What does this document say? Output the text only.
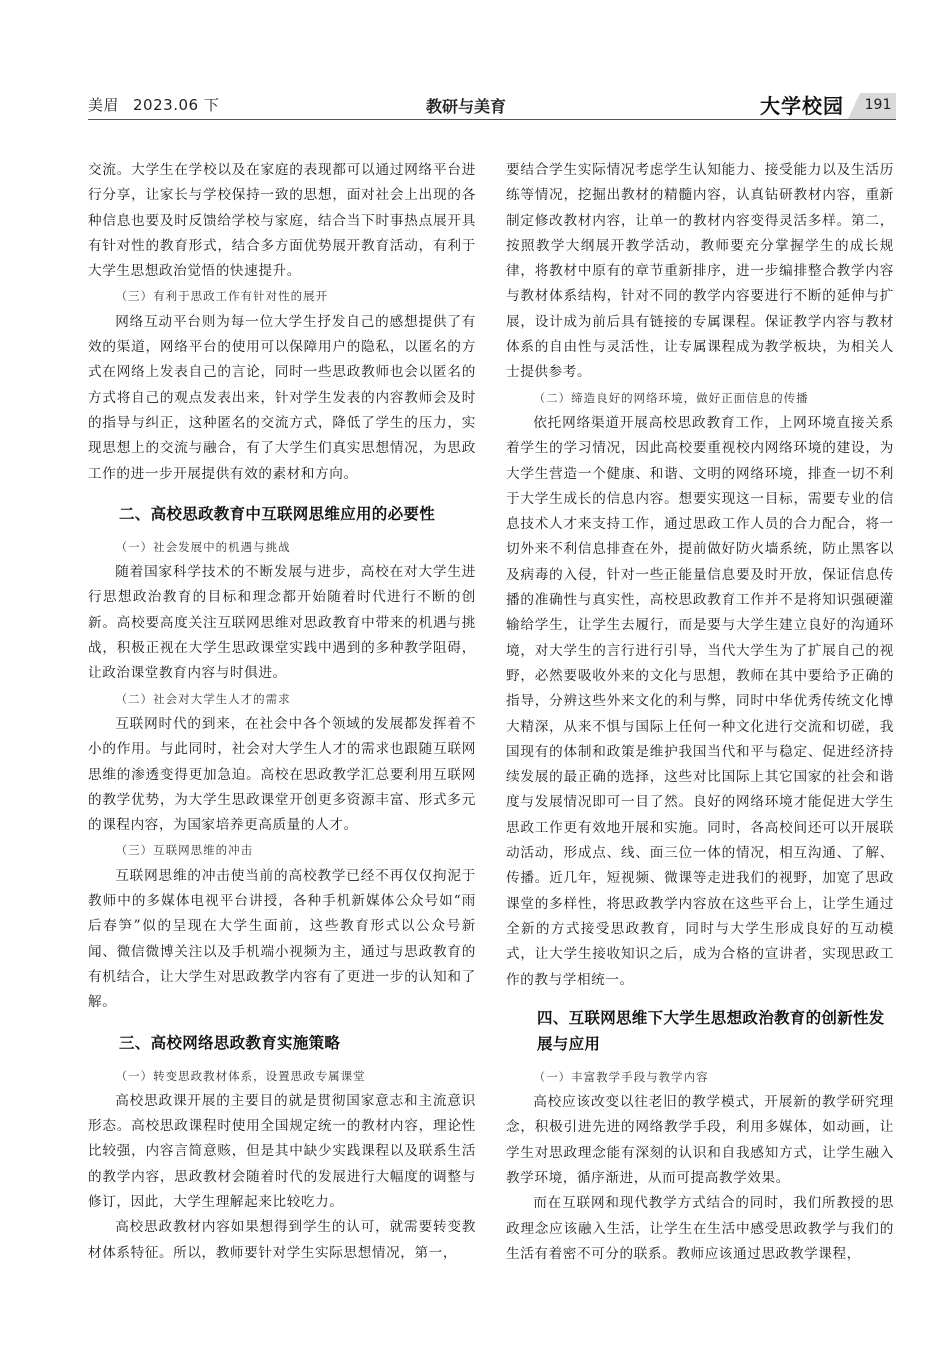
美眉 2023.06 下	教研与美育	大学校园	191

交流。大学生在学校以及在家庭的表现都可以通过网络平台进行分享，让家长与学校保持一致的思想，面对社会上出现的各种信息也要及时反馈给学校与家庭，结合当下时事热点展开具有针对性的教育形式，结合多方面优势展开教育活动，有利于大学生思想政治觉悟的快速提升。

（三）有利于思政工作有针对性的展开

网络互动平台则为每一位大学生抒发自己的感想提供了有效的渠道，网络平台的使用可以保障用户的隐私，以匿名的方式在网络上发表自己的言论，同时一些思政教师也会以匿名的方式将自己的观点发表出来，针对学生发表的内容教师会及时的指导与纠正，这种匿名的交流方式，降低了学生的压力，实现思想上的交流与融合，有了大学生们真实思想情况，为思政工作的进一步开展提供有效的素材和方向。

二、高校思政教育中互联网思维应用的必要性

（一）社会发展中的机遇与挑战

随着国家科学技术的不断发展与进步，高校在对大学生进行思想政治教育的目标和理念都开始随着时代进行不断的创新。高校要高度关注互联网思维对思政教育中带来的机遇与挑战，积极正视在大学生思政课堂实践中遇到的多种教学阻碍，让政治课堂教育内容与时俱进。

（二）社会对大学生人才的需求

互联网时代的到来，在社会中各个领域的发展都发挥着不小的作用。与此同时，社会对大学生人才的需求也跟随互联网思维的渗透变得更加急迫。高校在思政教学汇总要利用互联网的教学优势，为大学生思政课堂开创更多资源丰富、形式多元的课程内容，为国家培养更高质量的人才。

（三）互联网思维的冲击

互联网思维的冲击使当前的高校教学已经不再仅仅拘泥于教师中的多媒体电视平台讲授，各种手机新媒体公众号如“雨后春笋”似的呈现在大学生面前，这些教育形式以公众号新闻、微信微博关注以及手机端小视频为主，通过与思政教育的有机结合，让大学生对思政教学内容有了更进一步的认知和了解。

三、高校网络思政教育实施策略

（一）转变思政教材体系，设置思政专属课堂

高校思政课开展的主要目的就是贯彻国家意志和主流意识形态。高校思政课程时使用全国规定统一的教材内容，理论性比较强，内容言简意赅，但是其中缺少实践课程以及联系生活的教学内容，思政教材会随着时代的发展进行大幅度的调整与修订，因此，大学生理解起来比较吃力。

高校思政教材内容如果想得到学生的认可，就需要转变教材体系特征。所以，教师要针对学生实际思想情况，第一，

要结合学生实际情况考虑学生认知能力、接受能力以及生活历练等情况，挖掘出教材的精髓内容，认真钻研教材内容，重新制定修改教材内容，让单一的教材内容变得灵活多样。第二，按照教学大纲展开教学活动，教师要充分掌握学生的成长规律，将教材中原有的章节重新排序，进一步编排整合教学内容与教材体系结构，针对不同的教学内容要进行不断的延伸与扩展，设计成为前后具有链接的专属课程。保证教学内容与教材体系的自由性与灵活性，让专属课程成为教学板块，为相关人士提供参考。

（二）缔造良好的网络环境，做好正面信息的传播

依托网络渠道开展高校思政教育工作，上网环境直接关系着学生的学习情况，因此高校要重视校内网络环境的建设，为大学生营造一个健康、和谐、文明的网络环境，排查一切不利于大学生成长的信息内容。想要实现这一目标，需要专业的信息技术人才来支持工作，通过思政工作人员的合力配合，将一切外来不利信息排查在外，提前做好防火墙系统，防止黑客以及病毒的入侵，针对一些正能量信息要及时开放，保证信息传播的准确性与真实性，高校思政教育工作并不是将知识强硬灌输给学生，让学生去履行，而是要与大学生建立良好的沟通环境，对大学生的言行进行引导，当代大学生为了扩展自己的视野，必然要吸收外来的文化与思想，教师在其中要给予正确的指导，分辨这些外来文化的利与弊，同时中华优秀传统文化博大精深，从来不惧与国际上任何一种文化进行交流和切磋，我国现有的体制和政策是维护我国当代和平与稳定、促进经济持续发展的最正确的选择，这些对比国际上其它国家的社会和谐度与发展情况即可一目了然。良好的网络环境才能促进大学生思政工作更有效地开展和实施。同时，各高校间还可以开展联动活动，形成点、线、面三位一体的情况，相互沟通、了解、传播。近几年，短视频、微课等走进我们的视野，加宽了思政课堂的多样性，将思政教学内容放在这些平台上，让学生通过全新的方式接受思政教育，同时与大学生形成良好的互动模式，让大学生接收知识之后，成为合格的宣讲者，实现思政工作的教与学相统一。

四、互联网思维下大学生思想政治教育的创新性发展与应用

（一）丰富教学手段与教学内容

高校应该改变以往老旧的教学模式，开展新的教学研究理念，积极引进先进的网络教学手段，利用多媒体，如动画，让学生对思政理念能有深刻的认识和自我感知方式，让学生融入教学环境，循序渐进，从而可提高教学效果。

而在互联网和现代教学方式结合的同时，我们所教授的思政理念应该融入生活，让学生在生活中感受思政教学与我们的生活有着密不可分的联系。教师应该通过思政教学课程，
